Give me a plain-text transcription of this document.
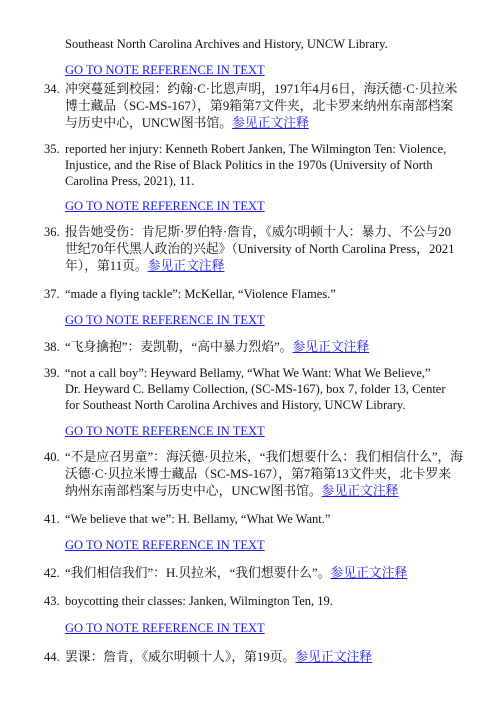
Southeast North Carolina Archives and History, UNCW Library.
GO TO NOTE REFERENCE IN TEXT
34. 冲突蔓延到校园：约翰·C·比恩声明，1971年4月6日，海沃德·C·贝拉米
博士藏品（SC-MS-167），第9箱第7文件夹，北卡罗来纳州东南部档案
与历史中心，UNCW图书馆。参见正文注释
35. reported her injury: Kenneth Robert Janken, The Wilmington Ten: Violence,
Injustice, and the Rise of Black Politics in the 1970s (University of North
Carolina Press, 2021), 11.
GO TO NOTE REFERENCE IN TEXT
36. 报告她受伤：肯尼斯·罗伯特·詹肯，《威尔明顿十人：暴力、不公与20
世纪70年代黑人政治的兴起》（University of North Carolina Press，2021
年），第11页。参见正文注释
37. “made a flying tackle”: McKellar, “Violence Flames.”
GO TO NOTE REFERENCE IN TEXT
38. “飞身擒抱”：麦凯勒，“高中暴力烈焰”。参见正文注释
39. “not a call boy”: Heyward Bellamy, “What We Want: What We Believe,”
Dr. Heyward C. Bellamy Collection, (SC-MS-167), box 7, folder 13, Center
for Southeast North Carolina Archives and History, UNCW Library.
GO TO NOTE REFERENCE IN TEXT
40. “不是应召男童”：海沃德·贝拉米，“我们想要什么：我们相信什么”，海
沃德·C·贝拉米博士藏品（SC-MS-167），第7箱第13文件夹，北卡罗来
纳州东南部档案与历史中心，UNCW图书馆。参见正文注释
41. “We believe that we”: H. Bellamy, “What We Want.”
GO TO NOTE REFERENCE IN TEXT
42. “我们相信我们”：H.贝拉米，“我们想要什么”。参见正文注释
43. boycotting their classes: Janken, Wilmington Ten, 19.
GO TO NOTE REFERENCE IN TEXT
44. 罢课：詹肯，《威尔明顿十人》，第19页。参见正文注释
